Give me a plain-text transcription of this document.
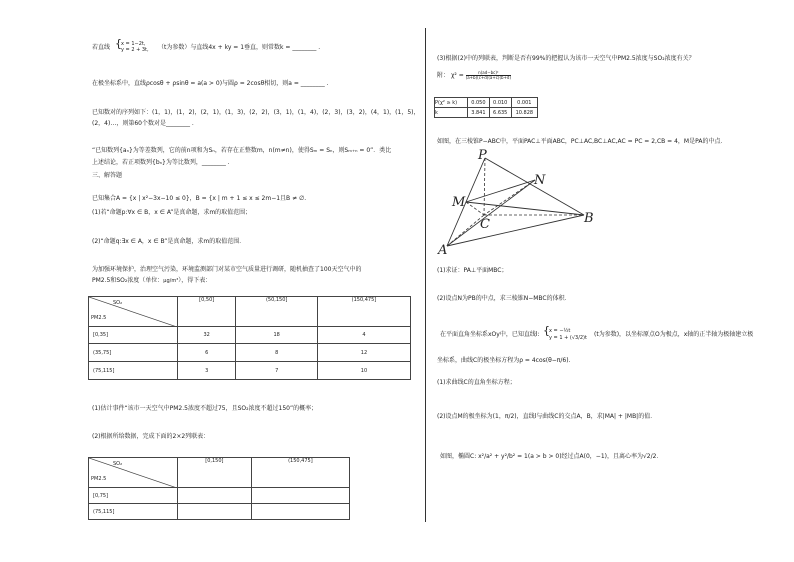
若直线 { x = 1−2t,
y = 2 + 3t, （t为参数）与直线4x + ky = 1垂直，则常数k = ________ .
在极坐标系中，直线ρcosθ + ρsinθ = a(a > 0)与圆ρ = 2cosθ相切，则a = ________ .
已知数对的序列如下：(1，1)，(1，2)，(2，1)，(1，3)，(2，2)，(3，1)，(1，4)，(2，3)，(3，2)，(4，1)，(1，5)，
(2，4)…，则第60个数对是________ .
“已知数列{aₙ}为等差数列，它的前n项和为Sₙ，若存在正整数m，n(m≠n)，使得Sₘ = Sₙ，则Sₘ₊ₙ = 0”．类比
上述结论，若正项数列{bₙ}为等比数列，________ .
三、解答题
已知集合A = {x | x²−3x−10 ≤ 0}，B = {x | m + 1 ≤ x ≤ 2m−1且B ≠ ∅.
(1)若“命题p:∀x ∈ B，x ∈ A”是真命题，求m的取值范围；
(2)“命题q:∃x ∈ A，x ∈ B”是真命题，求m的取值范围．
为加强环境保护，治理空气污染，环境监测部门对某市空气质量进行调研，随机抽查了100天空气中的
PM2.5和SO₂浓度（单位：μg/m³），得下表：
SO₂
PM2.5	[0,50]	(50,150]	(150,475]
[0,35]	32	18	4
(35,75]	6	8	12
(75,115]	3	7	10
(1)估计事件“该市一天空气中PM2.5浓度不超过75，且SO₂浓度不超过150”的概率；
(2)根据所给数据，完成下面的2×2列联表：
SO₂
PM2.5	[0,150]	(150,475]
[0,75]		
(75,115]		
(3)根据(2)中的列联表，判断是否有99%的把握认为该市一天空气中PM2.5浓度与SO₂浓度有关？
附： $\chi^2 = \frac{\text{n(ad−bc)²}}{(a+b)(c+d)(a+c)(b+d)}$
P(χ² ≥ k)	0.050	0.010	0.001
k	3.841	6.635	10.828
如图，在三棱锥P−ABC中，平面PAC⊥平面ABC，PC⊥AC,BC⊥AC,AC = PC = 2,CB = 4，M是PA的中点．
P
N
M
C
A
B
(1)求证：PA⊥平面MBC；
(2)设点N为PB的中点，求三棱锥N−MBC的体积．
在平面直角坐标系xOy中，已知直线l: { x = −½t
y = 1 + (√3/2)t (t为参数)，以坐标原点O为极点，x轴的正半轴为极轴建立极
坐标系，曲线C的极坐标方程为ρ = 4cos(θ−π/6).
(1)求曲线C的直角坐标方程；
(2)设点M的极坐标为(1，π/2)，直线l与曲线C的交点A，B，求|MA| + |MB|的值．
如图，椭圆C: x²/a² + y²/b² = 1(a > b > 0)经过点A(0，−1)，且离心率为√2/2．
